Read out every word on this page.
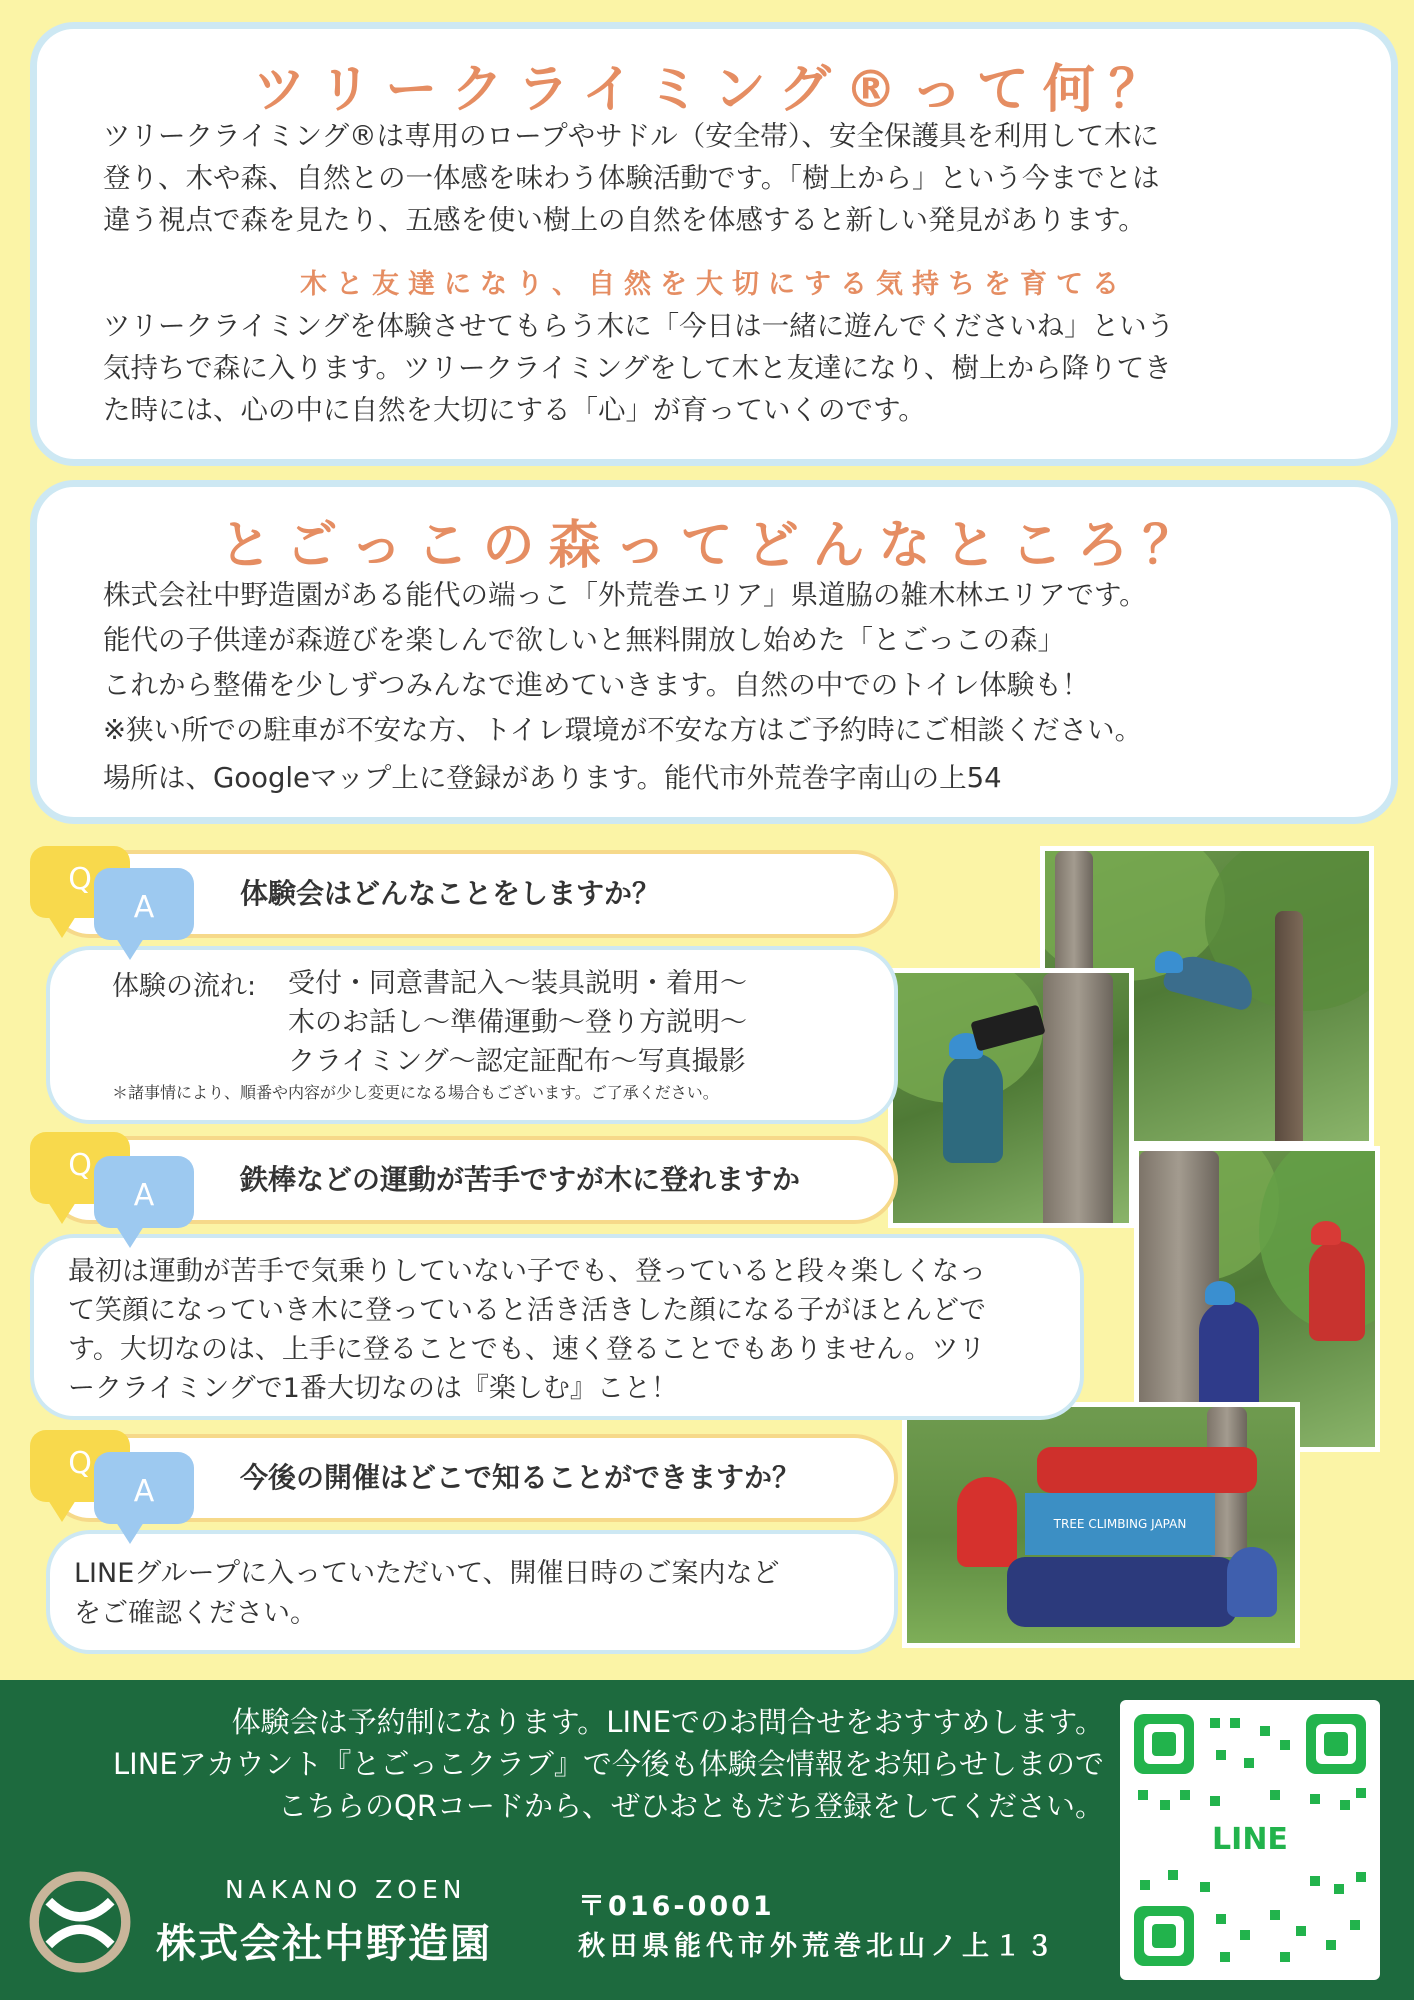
ツリークライミング®って何？

ツリークライミング®は専用のロープやサドル（安全帯）、安全保護具を利用して木に

登り、木や森、自然との一体感を味わう体験活動です。「樹上から」という今までとは

違う視点で森を見たり、五感を使い樹上の自然を体感すると新しい発見があります。

木と友達になり、自然を大切にする気持ちを育てる

ツリークライミングを体験させてもらう木に「今日は一緒に遊んでくださいね」という

気持ちで森に入ります。ツリークライミングをして木と友達になり、樹上から降りてき

た時には、心の中に自然を大切にする「心」が育っていくのです。

とごっこの森ってどんなところ？

株式会社中野造園がある能代の端っこ「外荒巻エリア」県道脇の雑木林エリアです。

能代の子供達が森遊びを楽しんで欲しいと無料開放し始めた「とごっこの森」

これから整備を少しずつみんなで進めていきます。自然の中でのトイレ体験も！

※狭い所での駐車が不安な方、トイレ環境が不安な方はご予約時にご相談ください。

場所は、Googleマップ上に登録があります。能代市外荒巻字南山の上54

TREE CLIMBING JAPAN
体験の流れ: 受付・同意書記入～装具説明・着用～
木のお話し～準備運動～登り方説明～
クライミング～認定証配布～写真撮影
＊諸事情により、順番や内容が少し変更になる場合もございます。ご了承ください。
体験会はどんなことをしますか？
Q
A
最初は運動が苦手で気乗りしていない子でも、登っていると段々楽しくなっ
て笑顔になっていき木に登っていると活き活きした顔になる子がほとんどで
す。大切なのは、上手に登ることでも、速く登ることでもありません。ツリ
ークライミングで1番大切なのは『楽しむ』こと！
鉄棒などの運動が苦手ですが木に登れますか
Q
A
LINEグループに入っていただいて、開催日時のご案内など
をご確認ください。
今後の開催はどこで知ることができますか？
Q
A
体験会は予約制になります。LINEでのお問合せをおすすめします。
LINEアカウント『とごっこクラブ』で今後も体験会情報をお知らせしまので
こちらのQRコードから、ぜひおともだち登録をしてください。
NAKANO ZOEN
株式会社中野造園
〒016-0001
秋田県能代市外荒巻北山ノ上１３
LINE
